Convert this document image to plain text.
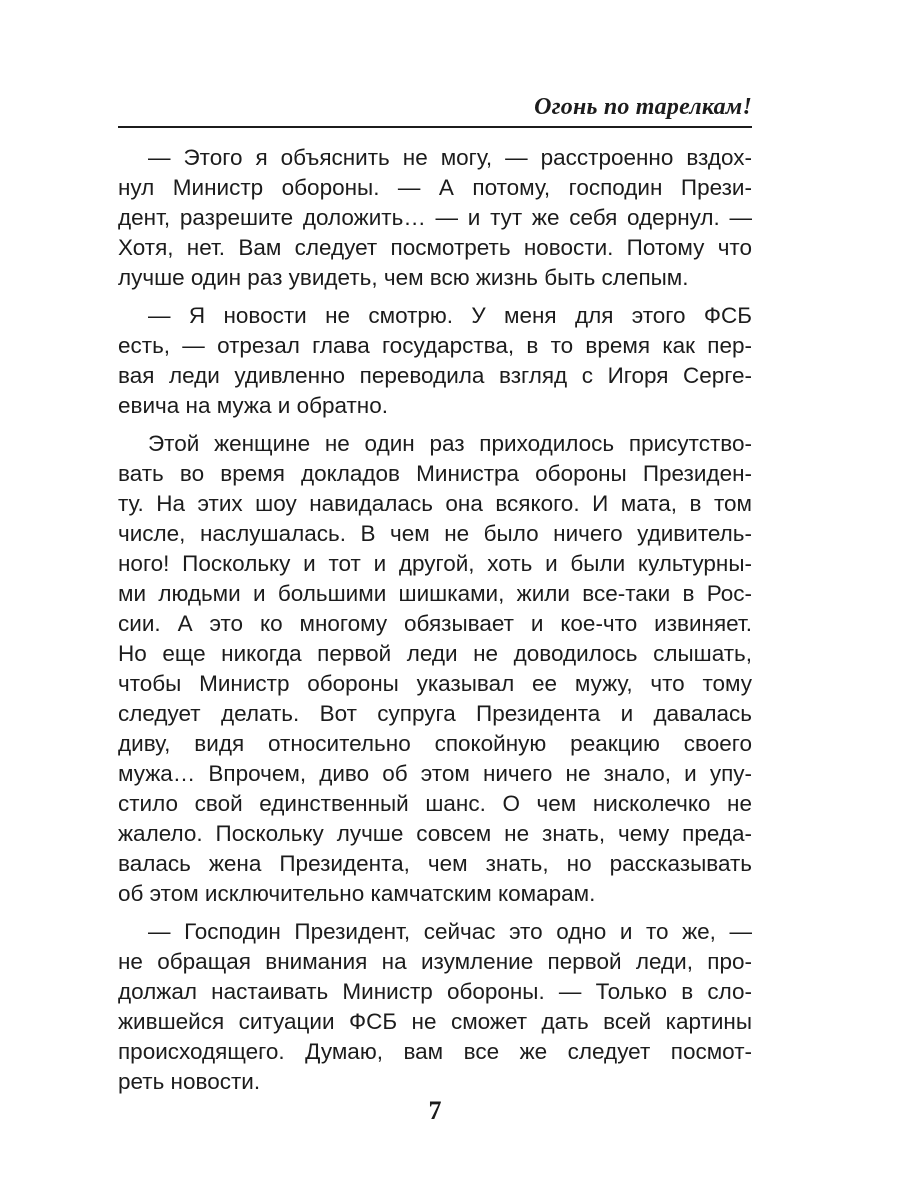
Огонь по тарелкам!
— Этого я объяснить не могу, — расстроенно вздох-
нул Министр обороны. — А потому, господин Прези-
дент, разрешите доложить… — и тут же себя одернул. —
Хотя, нет. Вам следует посмотреть новости. Потому что
лучше один раз увидеть, чем всю жизнь быть слепым.
— Я новости не смотрю. У меня для этого ФСБ
есть, — отрезал глава государства, в то время как пер-
вая леди удивленно переводила взгляд с Игоря Серге-
евича на мужа и обратно.
Этой женщине не один раз приходилось присутство-
вать во время докладов Министра обороны Президен-
ту. На этих шоу навидалась она всякого. И мата, в том
числе, наслушалась. В чем не было ничего удивитель-
ного! Поскольку и тот и другой, хоть и были культурны-
ми людьми и большими шишками, жили все-таки в Рос-
сии. А это ко многому обязывает и кое-что извиняет.
Но еще никогда первой леди не доводилось слышать,
чтобы Министр обороны указывал ее мужу, что тому
следует делать. Вот супруга Президента и давалась
диву, видя относительно спокойную реакцию своего
мужа… Впрочем, диво об этом ничего не знало, и упу-
стило свой единственный шанс. О чем нисколечко не
жалело. Поскольку лучше совсем не знать, чему преда-
валась жена Президента, чем знать, но рассказывать
об этом исключительно камчатским комарам.
— Господин Президент, сейчас это одно и то же, —
не обращая внимания на изумление первой леди, про-
должал настаивать Министр обороны. — Только в сло-
жившейся ситуации ФСБ не сможет дать всей картины
происходящего. Думаю, вам все же следует посмот-
реть новости.
7
